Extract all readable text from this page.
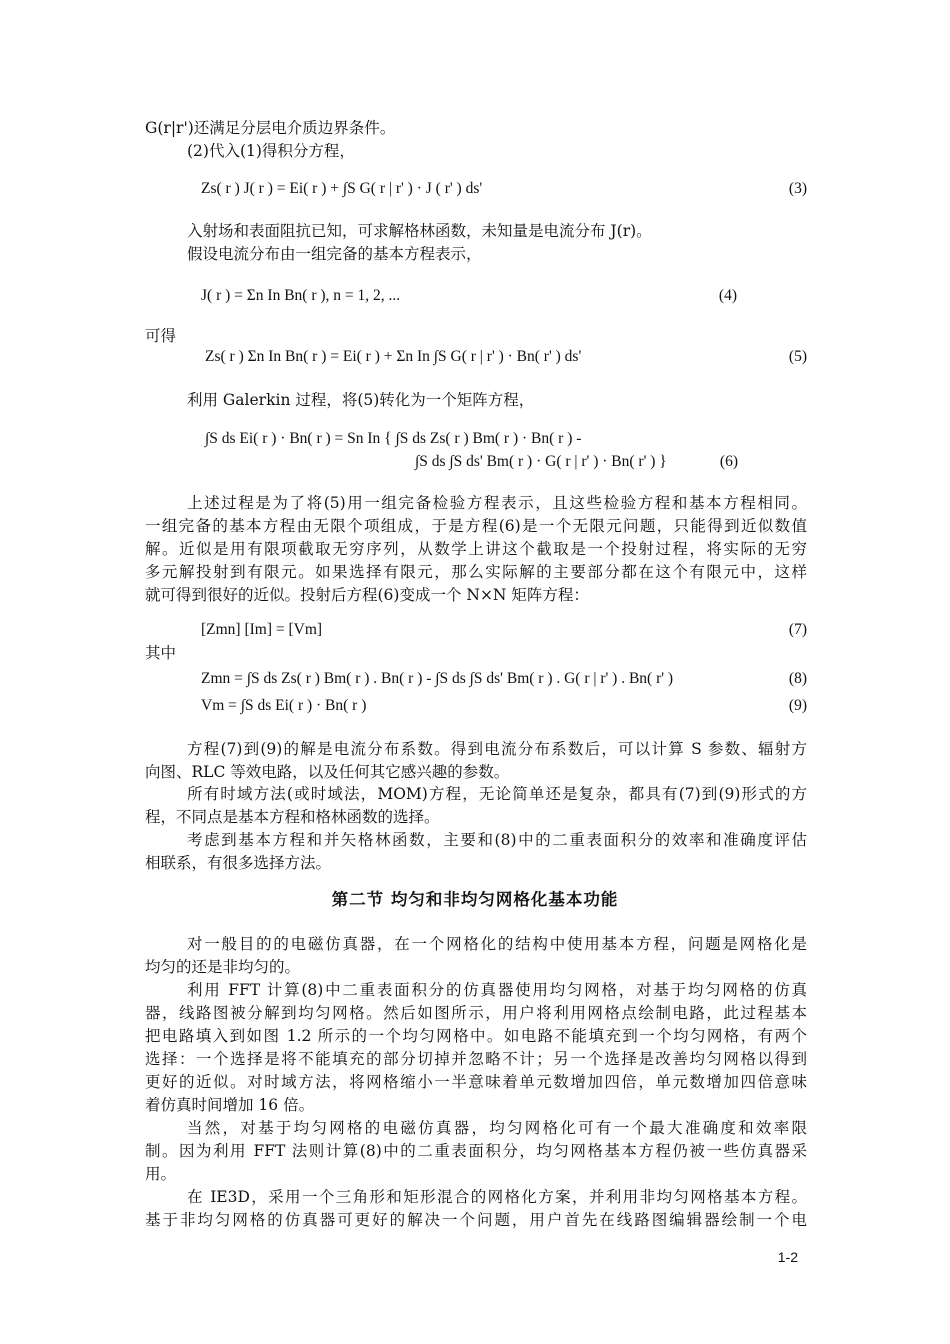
G(r|r')还满足分层电介质边界条件。
(2)代入(1)得积分方程，
Zs( r ) J( r ) = Ei( r ) + ∫S G( r | r' ) · J ( r' ) ds'	(3)
入射场和表面阻抗已知，可求解格林函数，未知量是电流分布 J(r)。
假设电流分布由一组完备的基本方程表示，
J( r ) = Σn In Bn( r ), n = 1, 2, ...	(4)
可得
Zs( r ) Σn In Bn( r ) = Ei( r ) + Σn In ∫S G( r | r' ) · Bn( r' ) ds'	(5)
利用 Galerkin 过程，将(5)转化为一个矩阵方程，
∫S ds Ei( r ) · Bn( r ) = Sn In { ∫S ds Zs( r ) Bm( r ) · Bn( r ) -
∫S ds ∫S ds' Bm( r ) · G( r | r' ) · Bn( r' ) }	(6)
上述过程是为了将(5)用一组完备检验方程表示，且这些检验方程和基本方程相同。
一组完备的基本方程由无限个项组成，于是方程(6)是一个无限元问题，只能得到近似数值
解。近似是用有限项截取无穷序列，从数学上讲这个截取是一个投射过程，将实际的无穷
多元解投射到有限元。如果选择有限元，那么实际解的主要部分都在这个有限元中，这样
就可得到很好的近似。投射后方程(6)变成一个 N×N 矩阵方程：
[Zmn] [Im] = [Vm]	(7)
其中
Zmn = ∫S ds Zs( r ) Bm( r ) . Bn( r ) - ∫S ds ∫S ds' Bm( r ) . G( r | r' ) . Bn( r' )	(8)
Vm = ∫S ds Ei( r ) · Bn( r )	(9)
方程(7)到(9)的解是电流分布系数。得到电流分布系数后，可以计算 S 参数、辐射方
向图、RLC 等效电路，以及任何其它感兴趣的参数。
所有时域方法(或时域法，MOM)方程，无论简单还是复杂，都具有(7)到(9)形式的方
程，不同点是基本方程和格林函数的选择。
考虑到基本方程和并矢格林函数，主要和(8)中的二重表面积分的效率和准确度评估
相联系，有很多选择方法。
第二节 均匀和非均匀网格化基本功能
对一般目的的电磁仿真器，在一个网格化的结构中使用基本方程，问题是网格化是
均匀的还是非均匀的。
利用 FFT 计算(8)中二重表面积分的仿真器使用均匀网格，对基于均匀网格的仿真
器，线路图被分解到均匀网格。然后如图所示，用户将利用网格点绘制电路，此过程基本
把电路填入到如图 1.2 所示的一个均匀网格中。如电路不能填充到一个均匀网格，有两个
选择：一个选择是将不能填充的部分切掉并忽略不计；另一个选择是改善均匀网格以得到
更好的近似。对时域方法，将网格缩小一半意味着单元数增加四倍，单元数增加四倍意味
着仿真时间增加 16 倍。
当然，对基于均匀网格的电磁仿真器，均匀网格化可有一个最大准确度和效率限
制。因为利用 FFT 法则计算(8)中的二重表面积分，均匀网格基本方程仍被一些仿真器采
用。
在 IE3D，采用一个三角形和矩形混合的网格化方案，并利用非均匀网格基本方程。
基于非均匀网格的仿真器可更好的解决一个问题，用户首先在线路图编辑器绘制一个电
1-2
